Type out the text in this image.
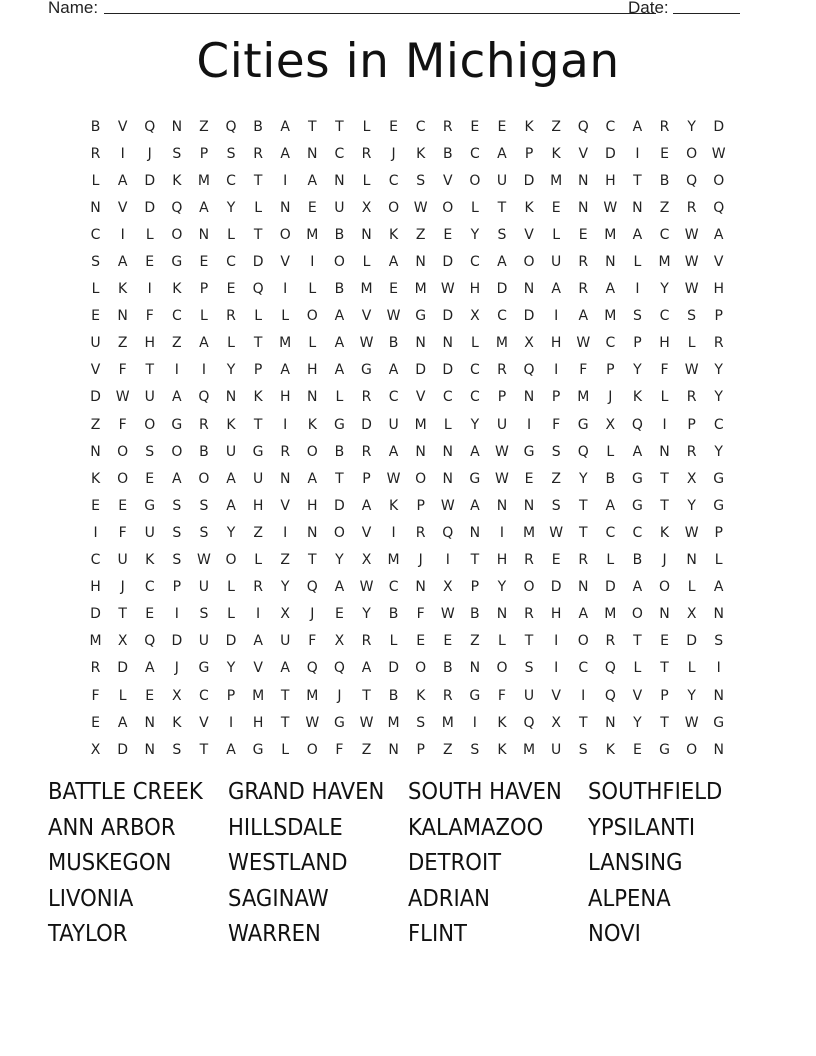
Name:	Date:
Cities in Michigan
B	V	Q	N	Z	Q	B	A	T	T	L	E	C	R	E	E	K	Z	Q	C	A	R	Y	D
R	I	J	S	P	S	R	A	N	C	R	J	K	B	C	A	P	K	V	D	I	E	O	W
L	A	D	K	M	C	T	I	A	N	L	C	S	V	O	U	D	M	N	H	T	B	Q	O
N	V	D	Q	A	Y	L	N	E	U	X	O	W	O	L	T	K	E	N	W	N	Z	R	Q
C	I	L	O	N	L	T	O	M	B	N	K	Z	E	Y	S	V	L	E	M	A	C	W	A
S	A	E	G	E	C	D	V	I	O	L	A	N	D	C	A	O	U	R	N	L	M	W	V
L	K	I	K	P	E	Q	I	L	B	M	E	M	W	H	D	N	A	R	A	I	Y	W	H
E	N	F	C	L	R	L	L	O	A	V	W	G	D	X	C	D	I	A	M	S	C	S	P
U	Z	H	Z	A	L	T	M	L	A	W	B	N	N	L	M	X	H	W	C	P	H	L	R
V	F	T	I	I	Y	P	A	H	A	G	A	D	D	C	R	Q	I	F	P	Y	F	W	Y
D	W	U	A	Q	N	K	H	N	L	R	C	V	C	C	P	N	P	M	J	K	L	R	Y
Z	F	O	G	R	K	T	I	K	G	D	U	M	L	Y	U	I	F	G	X	Q	I	P	C
N	O	S	O	B	U	G	R	O	B	R	A	N	N	A	W	G	S	Q	L	A	N	R	Y
K	O	E	A	O	A	U	N	A	T	P	W	O	N	G	W	E	Z	Y	B	G	T	X	G
E	E	G	S	S	A	H	V	H	D	A	K	P	W	A	N	N	S	T	A	G	T	Y	G
I	F	U	S	S	Y	Z	I	N	O	V	I	R	Q	N	I	M	W	T	C	C	K	W	P
C	U	K	S	W	O	L	Z	T	Y	X	M	J	I	T	H	R	E	R	L	B	J	N	L
H	J	C	P	U	L	R	Y	Q	A	W	C	N	X	P	Y	O	D	N	D	A	O	L	A
D	T	E	I	S	L	I	X	J	E	Y	B	F	W	B	N	R	H	A	M	O	N	X	N
M	X	Q	D	U	D	A	U	F	X	R	L	E	E	Z	L	T	I	O	R	T	E	D	S
R	D	A	J	G	Y	V	A	Q	Q	A	D	O	B	N	O	S	I	C	Q	L	T	L	I
F	L	E	X	C	P	M	T	M	J	T	B	K	R	G	F	U	V	I	Q	V	P	Y	N
E	A	N	K	V	I	H	T	W	G	W	M	S	M	I	K	Q	X	T	N	Y	T	W	G
X	D	N	S	T	A	G	L	O	F	Z	N	P	Z	S	K	M	U	S	K	E	G	O	N
BATTLE CREEK	GRAND HAVEN	SOUTH HAVEN	SOUTHFIELD
ANN ARBOR	HILLSDALE	KALAMAZOO	YPSILANTI
MUSKEGON	WESTLAND	DETROIT	LANSING
LIVONIA	SAGINAW	ADRIAN	ALPENA
TAYLOR	WARREN	FLINT	NOVI
